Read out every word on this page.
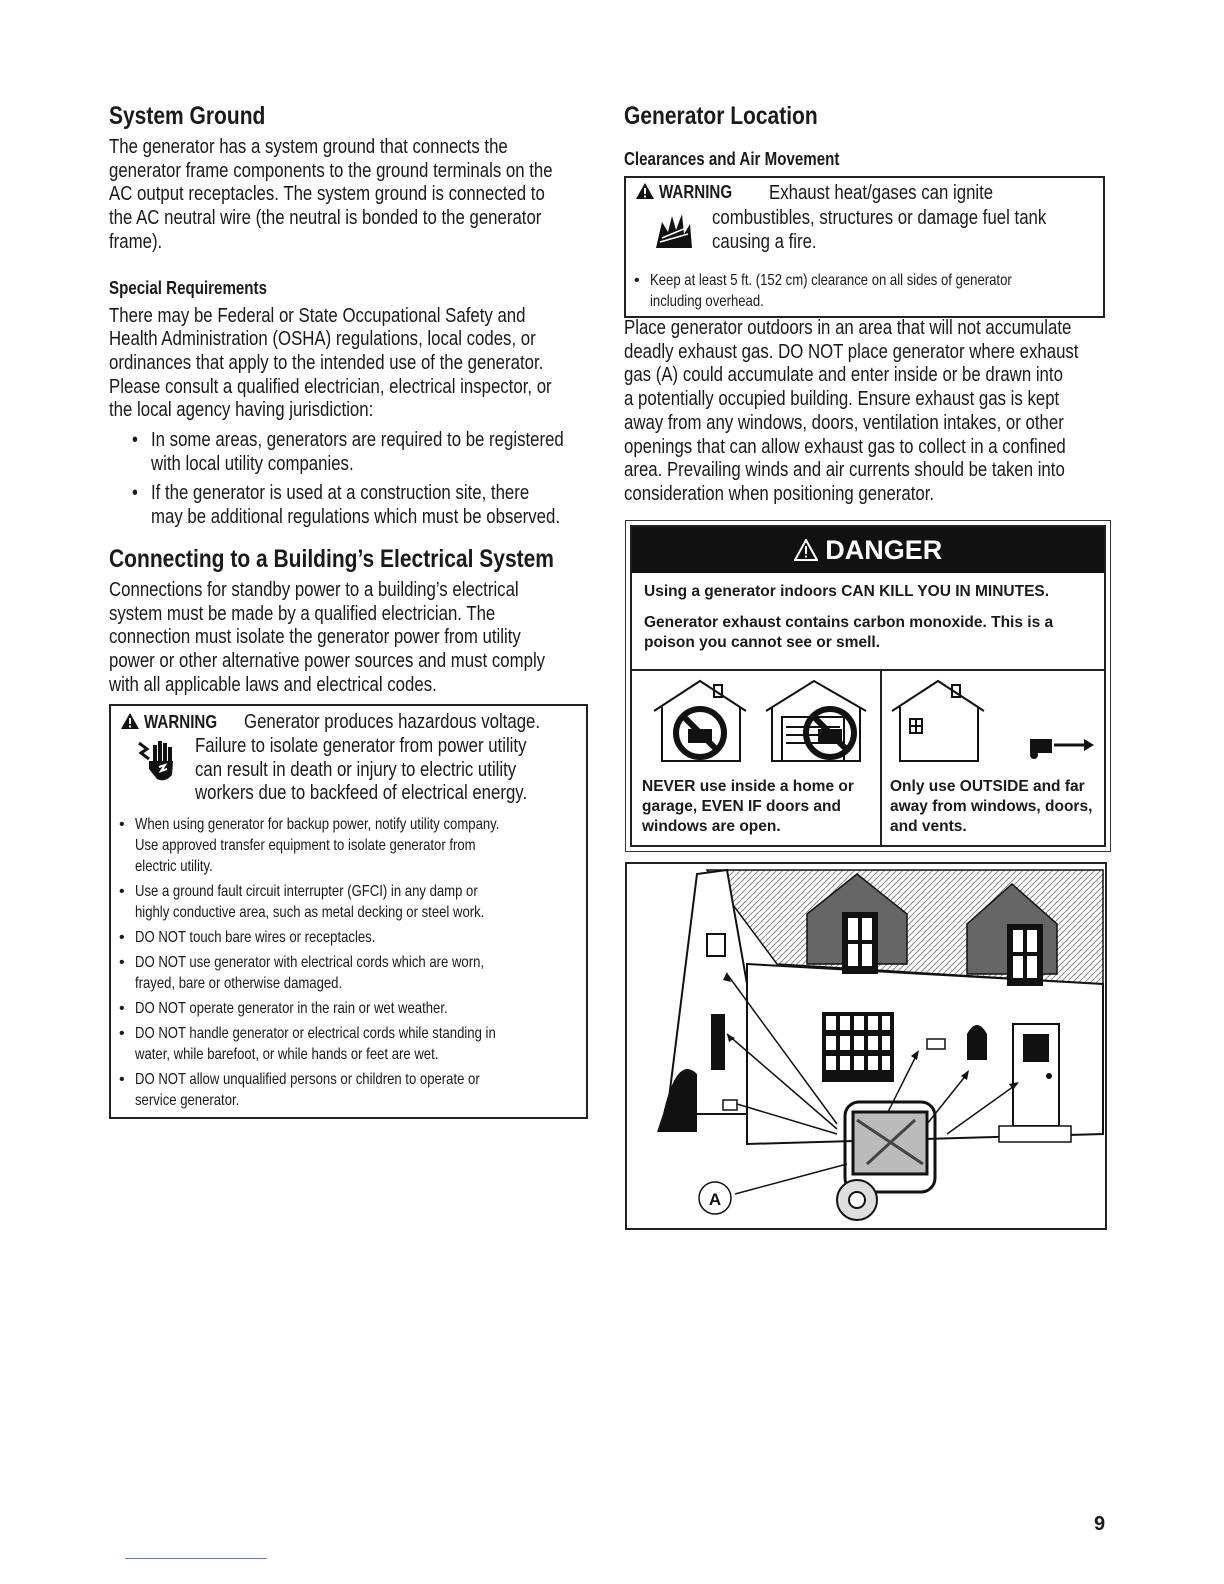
System Ground
The generator has a system ground that connects the
generator frame components to the ground terminals on the
AC output receptacles. The system ground is connected to
the AC neutral wire (the neutral is bonded to the generator
frame).
Special Requirements
There may be Federal or State Occupational Safety and
Health Administration (OSHA) regulations, local codes, or
ordinances that apply to the intended use of the generator.
Please consult a qualified electrician, electrical inspector, or
the local agency having jurisdiction:
• In some areas, generators are required to be registered
with local utility companies.
• If the generator is used at a construction site, there
may be additional regulations which must be observed.
Connecting to a Building’s Electrical System
Connections for standby power to a building’s electrical
system must be made by a qualified electrician. The
connection must isolate the generator power from utility
power or other alternative power sources and must comply
with all applicable laws and electrical codes.
WARNING	Generator produces hazardous voltage.
Failure to isolate generator from power utility
can result in death or injury to electric utility
workers due to backfeed of electrical energy.
• When using generator for backup power, notify utility company.
Use approved transfer equipment to isolate generator from
electric utility.
• Use a ground fault circuit interrupter (GFCI) in any damp or
highly conductive area, such as metal decking or steel work.
• DO NOT touch bare wires or receptacles.
• DO NOT use generator with electrical cords which are worn,
frayed, bare or otherwise damaged.
• DO NOT operate generator in the rain or wet weather.
• DO NOT handle generator or electrical cords while standing in
water, while barefoot, or while hands or feet are wet.
• DO NOT allow unqualified persons or children to operate or
service generator.
Generator Location
Clearances and Air Movement
WARNING	Exhaust heat/gases can ignite
combustibles, structures or damage fuel tank
causing a fire.
• Keep at least 5 ft. (152 cm) clearance on all sides of generator
including overhead.
Place generator outdoors in an area that will not accumulate
deadly exhaust gas. DO NOT place generator where exhaust
gas (A) could accumulate and enter inside or be drawn into
a potentially occupied building. Ensure exhaust gas is kept
away from any windows, doors, ventilation intakes, or other
openings that can allow exhaust gas to collect in a confined
area. Prevailing winds and air currents should be taken into
consideration when positioning generator.
DANGER
Using a generator indoors CAN KILL YOU IN MINUTES.
Generator exhaust contains carbon monoxide. This is a poison you cannot see or smell.
NEVER use inside a home or garage, EVEN IF doors and windows are open.
Only use OUTSIDE and far away from windows, doors, and vents.
A
9
